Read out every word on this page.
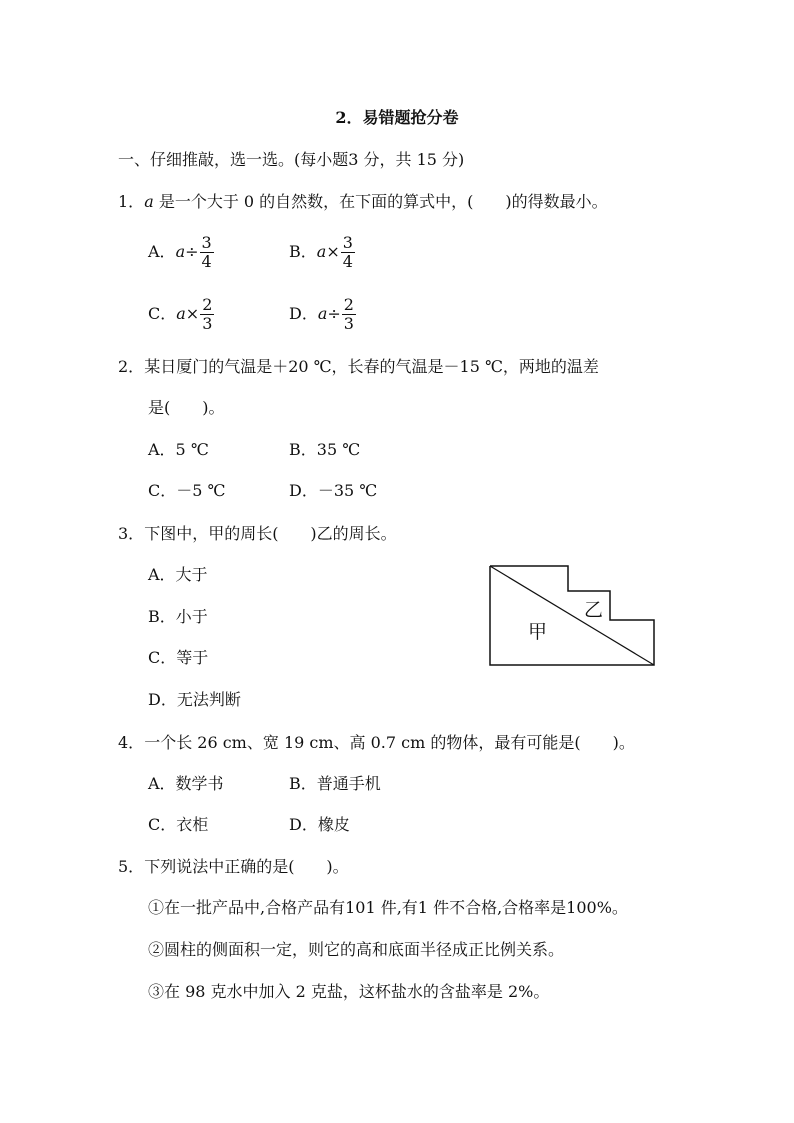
2．易错题抢分卷
一、仔细推敲，选一选。(每小题3 分，共 15 分)
1．a 是一个大于 0 的自然数，在下面的算式中，(　　)的得数最小。
A．$a\div \frac{3}{4}$	B．$a\times \frac{3}{4}$
C．$a\times \frac{2}{3}$	D．$a\div \frac{2}{3}$
2．某日厦门的气温是＋20 ℃，长春的气温是－15 ℃，两地的温差
是(　　)。
A．5 ℃	B．35 ℃
C．－5 ℃	D．－35 ℃
3．下图中，甲的周长(　　)乙的周长。
A．大于
B．小于
C．等于
D．无法判断
甲
乙
4．一个长 26 cm、宽 19 cm、高 0.7 cm 的物体，最有可能是(　　)。
A．数学书	B．普通手机
C．衣柜	D．橡皮
5．下列说法中正确的是(　　)。
①在一批产品中,合格产品有101 件,有1 件不合格,合格率是100%。
②圆柱的侧面积一定，则它的高和底面半径成正比例关系。
③在 98 克水中加入 2 克盐，这杯盐水的含盐率是 2%。
